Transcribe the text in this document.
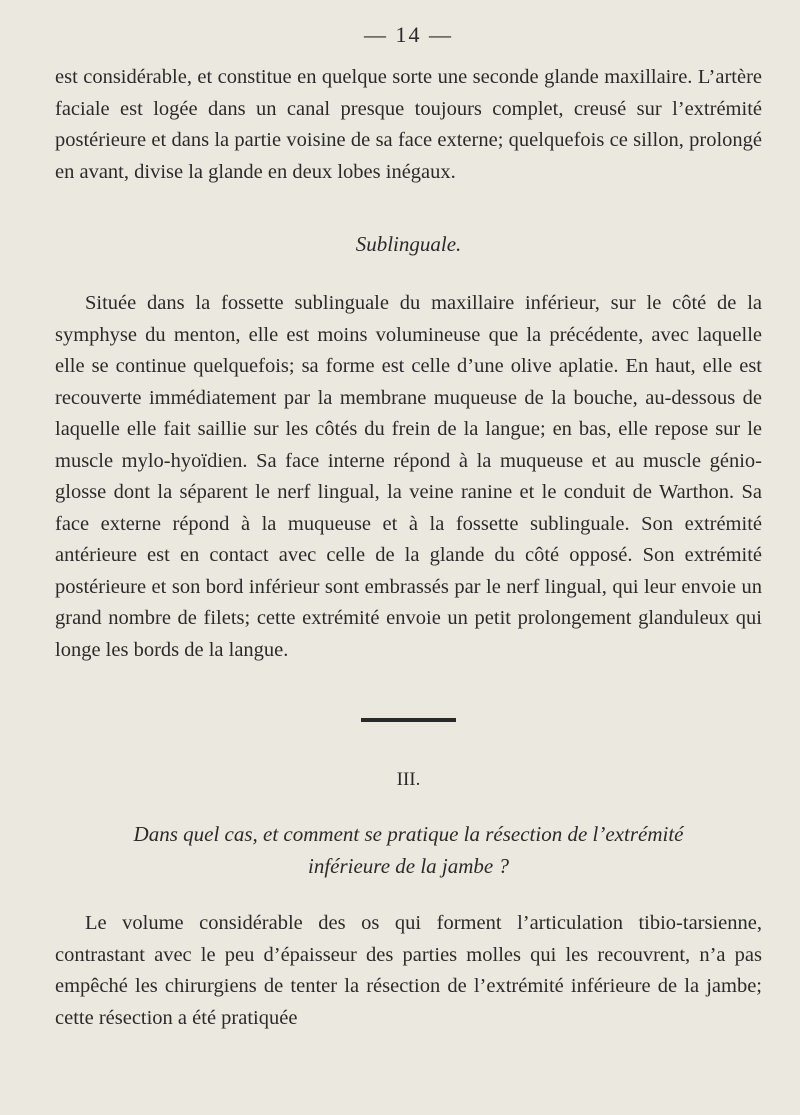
— 14 —

est considérable, et constitue en quelque sorte une seconde glande maxillaire. L’artère faciale est logée dans un canal presque toujours complet, creusé sur l’extrémité postérieure et dans la partie voisine de sa face externe; quelquefois ce sillon, prolongé en avant, divise la glande en deux lobes inégaux.

Sublinguale.

Située dans la fossette sublinguale du maxillaire inférieur, sur le côté de la symphyse du menton, elle est moins volumineuse que la précédente, avec laquelle elle se continue quelquefois; sa forme est celle d’une olive aplatie. En haut, elle est recouverte immédiatement par la membrane muqueuse de la bouche, au-dessous de laquelle elle fait saillie sur les côtés du frein de la langue; en bas, elle repose sur le muscle mylo-hyoïdien. Sa face interne répond à la muqueuse et au muscle génio-glosse dont la séparent le nerf lingual, la veine ranine et le conduit de Warthon. Sa face externe répond à la muqueuse et à la fossette sublinguale. Son extrémité antérieure est en contact avec celle de la glande du côté opposé. Son extrémité postérieure et son bord inférieur sont embrassés par le nerf lingual, qui leur envoie un grand nombre de filets; cette extrémité envoie un petit prolongement glanduleux qui longe les bords de la langue.

III.
Dans quel cas, et comment se pratique la résection de l’extrémité
inférieure de la jambe ?

Le volume considérable des os qui forment l’articulation tibio-tarsienne, contrastant avec le peu d’épaisseur des parties molles qui les recouvrent, n’a pas empêché les chirurgiens de tenter la résection de l’extrémité inférieure de la jambe; cette résection a été pratiquée
